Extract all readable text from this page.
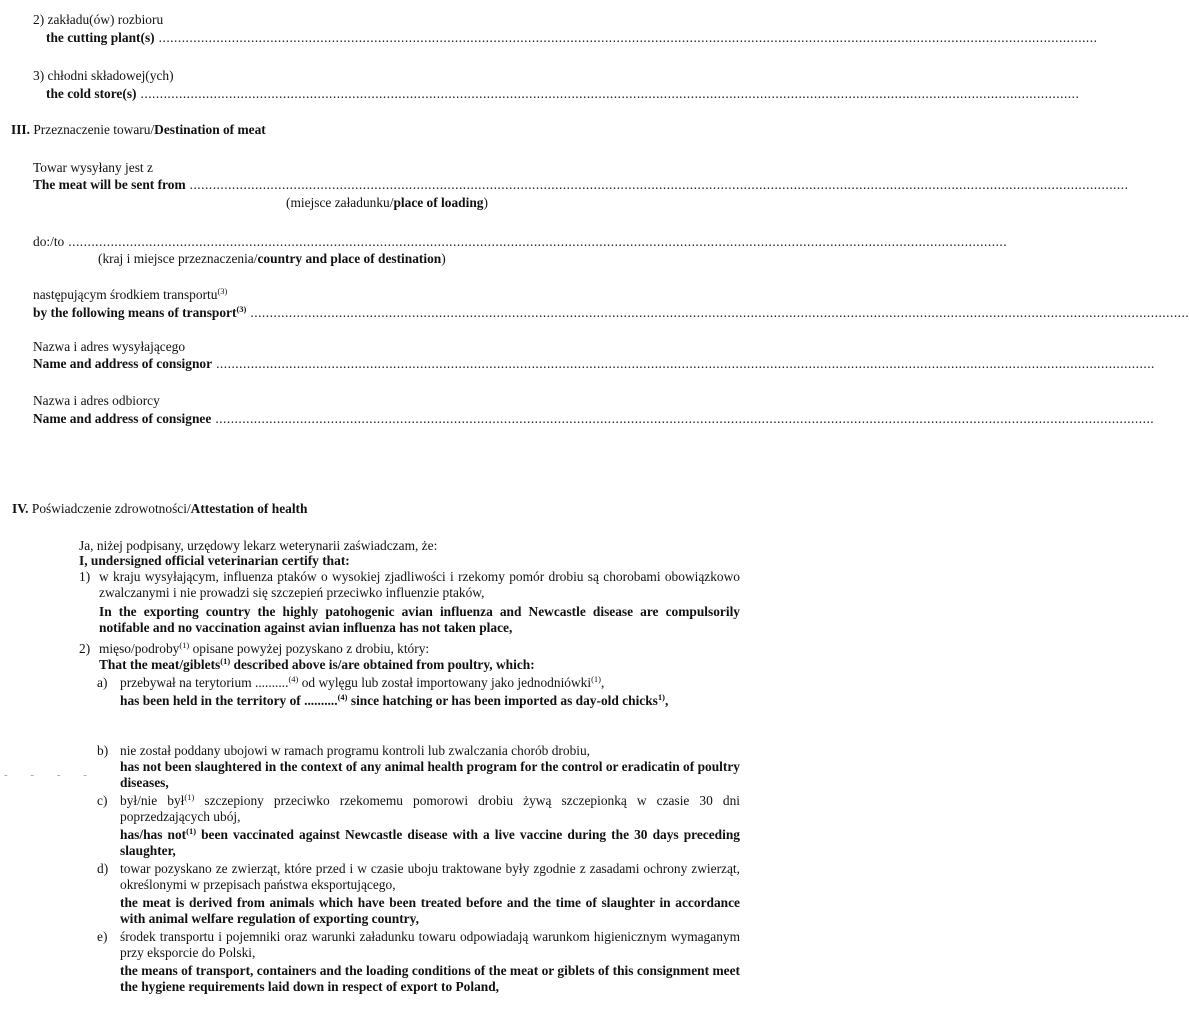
2) zakładu(ów) rozbioru
the cutting plant(s) ....................................................................................................................................................................................................................................................
3) chłodni składowej(ych)
the cold store(s) ....................................................................................................................................................................................................................................................
III. Przeznaczenie towaru/Destination of meat
Towar wysyłany jest z
The meat will be sent from ....................................................................................................................................................................................................................................................
(miejsce załadunku/place of loading)
do:/to ....................................................................................................................................................................................................................................................
(kraj i miejsce przeznaczenia/country and place of destination)
następującym środkiem transportu$^{(3)}$
by the following means of transport$^{(3)}$ ....................................................................................................................................................................................................................................................
Nazwa i adres wysyłającego
Name and address of consignor ....................................................................................................................................................................................................................................................
Nazwa i adres odbiorcy
Name and address of consignee ....................................................................................................................................................................................................................................................
IV. Poświadczenie zdrowotności/Attestation of health
Ja, niżej podpisany, urzędowy lekarz weterynarii zaświadczam, że:
I, undersigned official veterinarian certify that:
1) w kraju wysyłającym, influenza ptaków o wysokiej zjadliwości i rzekomy pomór drobiu są chorobami obowiązkowo zwalczanymi i nie prowadzi się szczepień przeciwko influenzie ptaków,
In the exporting country the highly patohogenic avian influenza and Newcastle disease are compulsorily notifable and no vaccination against avian influenza has not taken place,
2) mięso/podroby$^{(1)}$ opisane powyżej pozyskano z drobiu, który:
That the meat/giblets$^{(1)}$ described above is/are obtained from poultry, which:
a) przebywał na terytorium ..........$^{(4)}$ od wylęgu lub został importowany jako jednodniówki$^{(1)}$,
has been held in the territory of ..........$^{(4)}$ since hatching or has been imported as day-old chicks$^{1)}$,
b) nie został poddany ubojowi w ramach programu kontroli lub zwalczania chorób drobiu,
has not been slaughtered in the context of any animal health program for the control or eradicatin of poultry diseases,
- - - -
c) był/nie był$^{(1)}$ szczepiony przeciwko rzekomemu pomorowi drobiu żywą szczepionką w czasie 30 dni poprzedzających ubój,
has/has not$^{(1)}$ been vaccinated against Newcastle disease with a live vaccine during the 30 days preceding slaughter,
d) towar pozyskano ze zwierząt, które przed i w czasie uboju traktowane były zgodnie z zasadami ochrony zwierząt, określonymi w przepisach państwa eksportującego,
the meat is derived from animals which have been treated before and the time of slaughter in accordance with animal welfare regulation of exporting country,
e) środek transportu i pojemniki oraz warunki załadunku towaru odpowiadają warunkom higienicznym wymaganym przy eksporcie do Polski,
the means of transport, containers and the loading conditions of the meat or giblets of this consignment meet the hygiene requirements laid down in respect of export to Poland,
